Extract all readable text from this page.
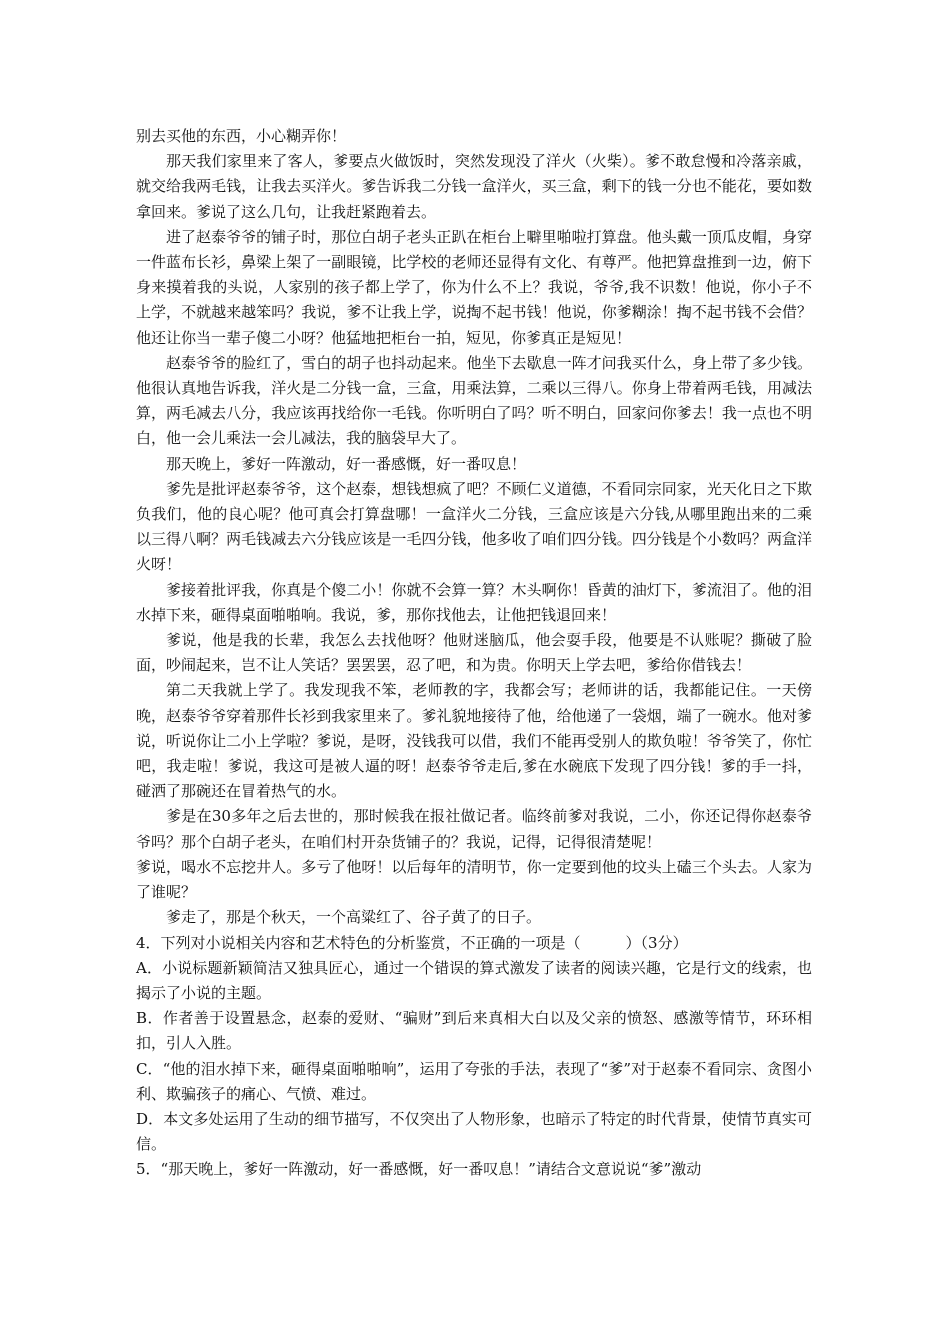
别去买他的东西，小心糊弄你！

那天我们家里来了客人，爹要点火做饭时，突然发现没了洋火（火柴）。爹不敢怠慢和冷落亲戚，就交给我两毛钱，让我去买洋火。爹告诉我二分钱一盒洋火，买三盒，剩下的钱一分也不能花，要如数拿回来。爹说了这么几句，让我赶紧跑着去。

进了赵泰爷爷的铺子时，那位白胡子老头正趴在柜台上噼里啪啦打算盘。他头戴一顶瓜皮帽，身穿一件蓝布长衫，鼻梁上架了一副眼镜，比学校的老师还显得有文化、有尊严。他把算盘推到一边，俯下身来摸着我的头说，人家别的孩子都上学了，你为什么不上？我说，爷爷,我不识数！他说，你小子不上学，不就越来越笨吗？我说，爹不让我上学，说掏不起书钱！他说，你爹糊涂！掏不起书钱不会借？他还让你当一辈子傻二小呀？他猛地把柜台一拍，短见，你爹真正是短见！

赵泰爷爷的脸红了，雪白的胡子也抖动起来。他坐下去歇息一阵才问我买什么，身上带了多少钱。他很认真地告诉我，洋火是二分钱一盒，三盒，用乘法算，二乘以三得八。你身上带着两毛钱，用减法算，两毛减去八分，我应该再找给你一毛钱。你听明白了吗？听不明白，回家问你爹去！我一点也不明白，他一会儿乘法一会儿减法，我的脑袋早大了。

那天晚上，爹好一阵激动，好一番感慨，好一番叹息！

爹先是批评赵泰爷爷，这个赵泰，想钱想疯了吧？不顾仁义道德，不看同宗同家，光天化日之下欺负我们，他的良心呢？他可真会打算盘哪！一盒洋火二分钱，三盒应该是六分钱,从哪里跑出来的二乘以三得八啊？两毛钱减去六分钱应该是一毛四分钱，他多收了咱们四分钱。四分钱是个小数吗？两盒洋火呀！

爹接着批评我，你真是个傻二小！你就不会算一算？木头啊你！昏黄的油灯下，爹流泪了。他的泪水掉下来，砸得桌面啪啪响。我说，爹，那你找他去，让他把钱退回来！

爹说，他是我的长辈，我怎么去找他呀？他财迷脑瓜，他会耍手段，他要是不认账呢？撕破了脸面，吵闹起来，岂不让人笑话？罢罢罢，忍了吧，和为贵。你明天上学去吧，爹给你借钱去！

第二天我就上学了。我发现我不笨，老师教的字，我都会写；老师讲的话，我都能记住。一天傍晚，赵泰爷爷穿着那件长衫到我家里来了。爹礼貌地接待了他，给他递了一袋烟，端了一碗水。他对爹说，听说你让二小上学啦？爹说，是呀，没钱我可以借，我们不能再受别人的欺负啦！爷爷笑了，你忙吧，我走啦！爹说，我这可是被人逼的呀！赵泰爷爷走后,爹在水碗底下发现了四分钱！爹的手一抖，碰洒了那碗还在冒着热气的水。

爹是在30多年之后去世的，那时候我在报社做记者。临终前爹对我说，二小，你还记得你赵泰爷爷吗？那个白胡子老头，在咱们村开杂货铺子的？我说，记得，记得很清楚呢！

爹说，喝水不忘挖井人。多亏了他呀！以后每年的清明节，你一定要到他的坟头上磕三个头去。人家为了谁呢？

爹走了，那是个秋天，一个高粱红了、谷子黄了的日子。

4．下列对小说相关内容和艺术特色的分析鉴赏，不正确的一项是（　　　）（3分）

A．小说标题新颖简洁又独具匠心，通过一个错误的算式激发了读者的阅读兴趣，它是行文的线索，也揭示了小说的主题。

B．作者善于设置悬念，赵泰的爱财、“骗财”到后来真相大白以及父亲的愤怒、感激等情节，环环相扣，引人入胜。

C．“他的泪水掉下来，砸得桌面啪啪响”，运用了夸张的手法，表现了“爹”对于赵泰不看同宗、贪图小利、欺骗孩子的痛心、气愤、难过。

D．本文多处运用了生动的细节描写，不仅突出了人物形象，也暗示了特定的时代背景，使情节真实可信。

5．“那天晚上，爹好一阵激动，好一番感慨，好一番叹息！”请结合文意说说“爹”激动
